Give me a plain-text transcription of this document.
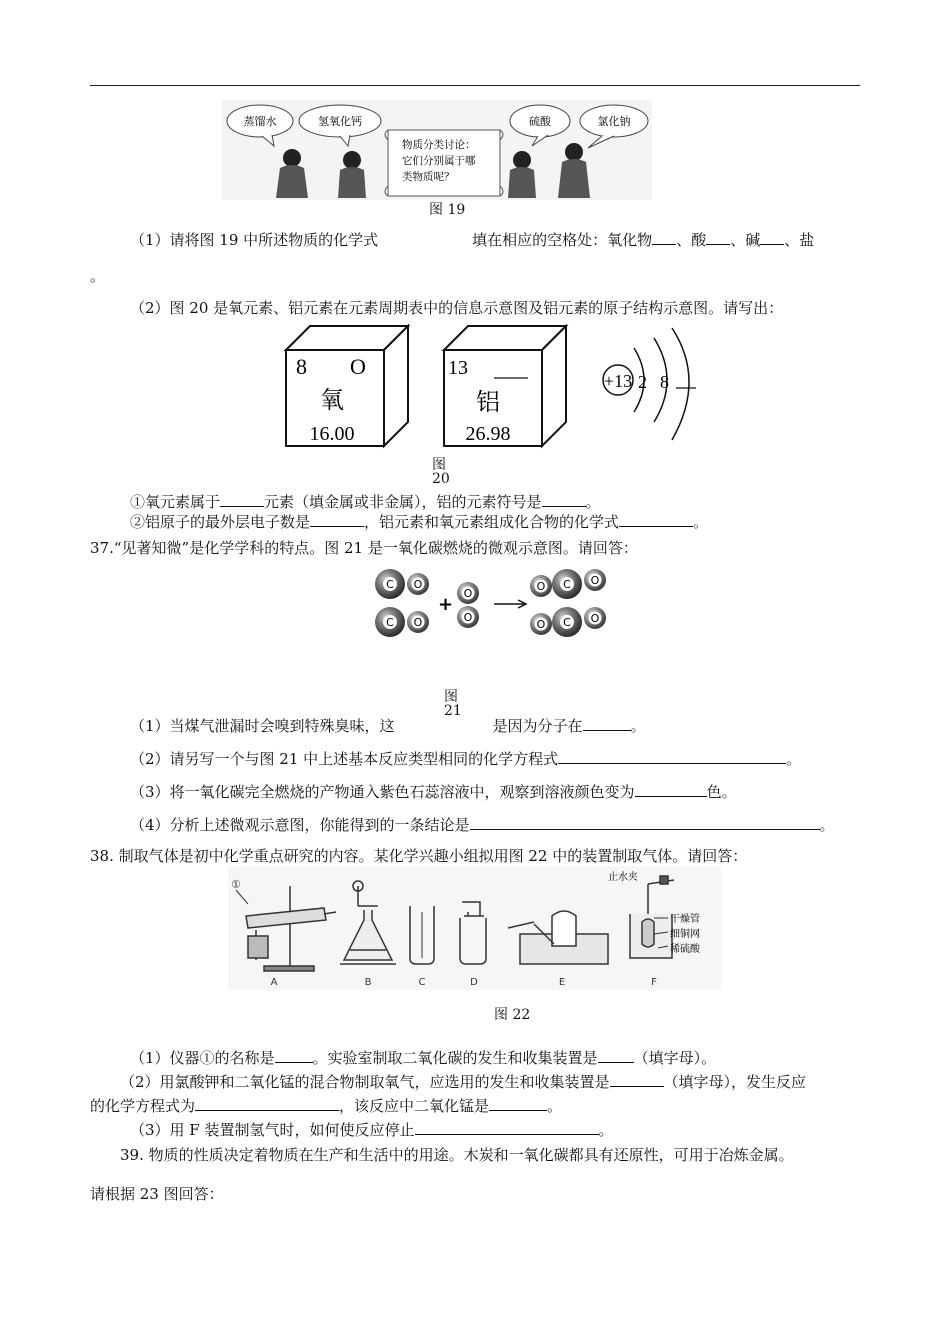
蒸馏水	氢氧化钙	硫酸	氯化钠
物质分类讨论：
它们分别属于哪
类物质呢？
图 19
（1）请将图 19 中所述物质的化学式	填在相应的空格处：氧化物 、酸 、碱 、盐
。
（2）图 20 是氧元素、铝元素在元素周期表中的信息示意图及铝元素的原子结构示意图。请写出：
8 O
氧
16.00
13
铝
26.98
+13 2 8
图
20
①氧元素属于	元素（填金属或非金属），铝的元素符号是	。
②铝原子的最外层电子数是	，铝元素和氧元素组成化合物的化学式	。
37.“见著知微”是化学学科的特点。图 21 是一氧化碳燃烧的微观示意图。请回答：
C O
C O
+
O
O
O C O
O C O
图
21
（1）当煤气泄漏时会嗅到特殊臭味，这	是因为分子在	。
（2）请另写一个与图 21 中上述基本反应类型相同的化学方程式	。
（3）将一氧化碳完全燃烧的产物通入紫色石蕊溶液中，观察到溶液颜色变为	色。
（4）分析上述微观示意图，你能得到的一条结论是	。
38. 制取气体是初中化学重点研究的内容。某化学兴趣小组拟用图 22 中的装置制取气体。请回答：
①
止水夹
干燥管
细铜网
稀硫酸
A	B	C	D	E	F
图 22
（1）仪器①的名称是	。实验室制取二氧化碳的发生和收集装置是 （填字母）。
（2）用氯酸钾和二氧化锰的混合物制取氧气，应选用的发生和收集装置是	（填字母），发生反应
的化学方程式为	，该反应中二氧化锰是	。
（3）用 F 装置制氢气时，如何使反应停止	。
39. 物质的性质决定着物质在生产和生活中的用途。木炭和一氧化碳都具有还原性，可用于冶炼金属。
请根据 23 图回答：
